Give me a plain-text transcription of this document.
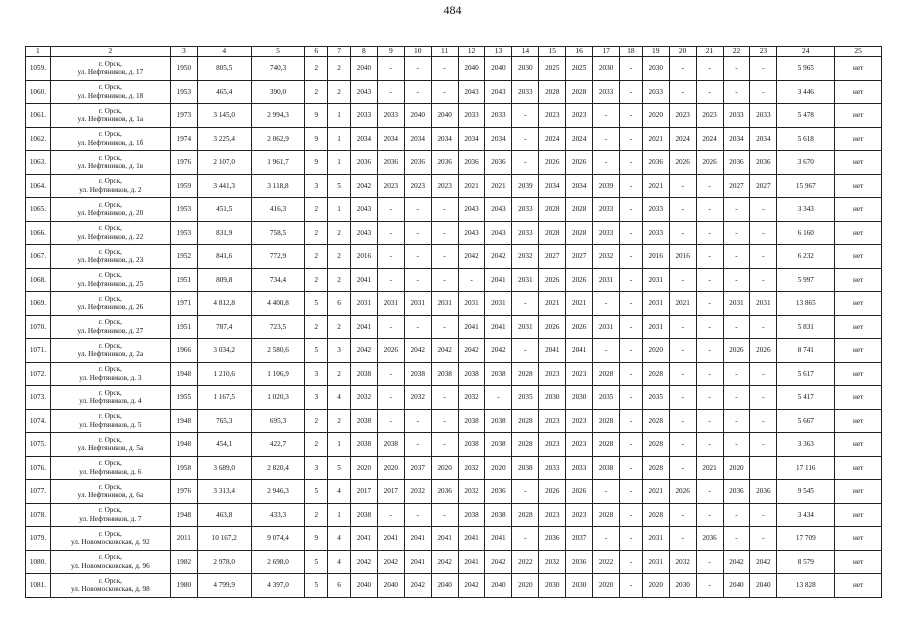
484
1	2	3	4	5	6	7	8	9	10	11	12	13	14	15	16	17	18	19	20	21	22	23	24	25
1059.	г. Орск,
ул. Нефтяников, д. 17	1950	805,5	740,3	2	2	2040	-	-	-	2040	2040	2030	2025	2025	2030	-	2030	-	-	-	-	5 965	нет
1060.	г. Орск,
ул. Нефтяников, д. 18	1953	465,4	390,0	2	2	2043	-	-	-	2043	2043	2033	2028	2028	2033	-	2033	-	-	-	-	3 446	нет
1061.	г. Орск,
ул. Нефтяников, д. 1а	1973	3 145,0	2 994,3	9	1	2033	2033	2040	2040	2033	2033	-	2023	2023	-	-	2020	2023	2023	2033	2033	5 478	нет
1062.	г. Орск,
ул. Нефтяников, д. 1б	1974	3 225,4	2 062,9	9	1	2034	2034	2034	2034	2034	2034	-	2024	2024	-	-	2021	2024	2024	2034	2034	5 618	нет
1063.	г. Орск,
ул. Нефтяников, д. 1в	1976	2 107,0	1 961,7	9	1	2036	2036	2036	2036	2036	2036	-	2026	2026	-	-	2036	2026	2026	2036	2036	3 670	нет
1064.	г. Орск,
ул. Нефтяников, д. 2	1959	3 441,3	3 118,8	3	5	2042	2023	2023	2023	2021	2021	2039	2034	2034	2039	-	2021	-	-	2027	2027	15 967	нет
1065.	г. Орск,
ул. Нефтяников, д. 20	1953	451,5	416,3	2	1	2043	-	-	-	2043	2043	2033	2028	2028	2033	-	2033	-	-	-	-	3 343	нет
1066.	г. Орск,
ул. Нефтяников, д. 22	1953	831,9	758,5	2	2	2043	-	-	-	2043	2043	2033	2028	2028	2033	-	2033	-	-	-	-	6 160	нет
1067.	г. Орск,
ул. Нефтяников, д. 23	1952	841,6	772,9	2	2	2016	-	-	-	2042	2042	2032	2027	2027	2032	-	2016	2016	-	-	-	6 232	нет
1068.	г. Орск,
ул. Нефтяников, д. 25	1951	809,8	734,4	2	2	2041	-	-	-	-	2041	2031	2026	2026	2031	-	2031	-	-	-	-	5 997	нет
1069.	г. Орск,
ул. Нефтяников, д. 26	1971	4 812,8	4 400,8	5	6	2031	2031	2031	2031	2031	2031	-	2021	2021	-	-	2031	2021	-	2031	2031	13 865	нет
1070.	г. Орск,
ул. Нефтяников, д. 27	1951	787,4	723,5	2	2	2041	-	-	-	2041	2041	2031	2026	2026	2031	-	2031	-	-	-	-	5 831	нет
1071.	г. Орск,
ул. Нефтяников, д. 2а	1966	3 034,2	2 580,6	5	3	2042	2026	2042	2042	2042	2042	-	2041	2041	-	-	2020	-	-	2026	2026	8 741	нет
1072.	г. Орск,
ул. Нефтяников, д. 3	1948	1 210,6	1 106,9	3	2	2038	-	2038	2038	2038	2038	2028	2023	2023	2028	-	2028	-	-	-	-	5 617	нет
1073.	г. Орск,
ул. Нефтяников, д. 4	1955	1 167,5	1 020,3	3	4	2032	-	2032	-	2032	-	2035	2030	2030	2035	-	2035	-	-	-	-	5 417	нет
1074.	г. Орск,
ул. Нефтяников, д. 5	1948	765,3	695,3	2	2	2038	-	-	-	2038	2038	2028	2023	2023	2028	-	2028	-	-	-	-	5 667	нет
1075.	г. Орск,
ул. Нефтяников, д. 5а	1948	454,1	422,7	2	1	2038	2038	-	-	2038	2038	2028	2023	2023	2028	-	2028	-	-	-	-	3 363	нет
1076.	г. Орск,
ул. Нефтяников, д. 6	1958	3 689,0	2 820,4	3	5	2020	2020	2037	2020	2032	2020	2038	2033	2033	2038	-	2028	-	2021	2020		17 116	нет
1077.	г. Орск,
ул. Нефтяников, д. 6а	1976	3 313,4	2 946,3	5	4	2017	2017	2032	2036	2032	2036	-	2026	2026	-	-	2021	2026	-	2036	2036	9 545	нет
1078.	г. Орск,
ул. Нефтяников, д. 7	1948	463,8	433,3	2	1	2038	-	-	-	2038	2038	2028	2023	2023	2028	-	2028	-	-	-	-	3 434	нет
1079.	г. Орск,
ул. Новомосковская, д. 92	2011	10 167,2	9 074,4	9	4	2041	2041	2041	2041	2041	2041	-	2036	2037	-	-	2031	-	2036	-	-	17 709	нет
1080.	г. Орск,
ул. Новомосковская, д. 96	1982	2 978,0	2 698,0	5	4	2042	2042	2041	2042	2041	2042	2022	2032	2036	2022	-	2031	2032	-	2042	2042	8 579	нет
1081.	г. Орск,
ул. Новомосковская, д. 98	1980	4 799,9	4 397,0	5	6	2040	2040	2042	2040	2042	2040	2020	2030	2030	2020	-	2020	2030	-	2040	2040	13 828	нет
